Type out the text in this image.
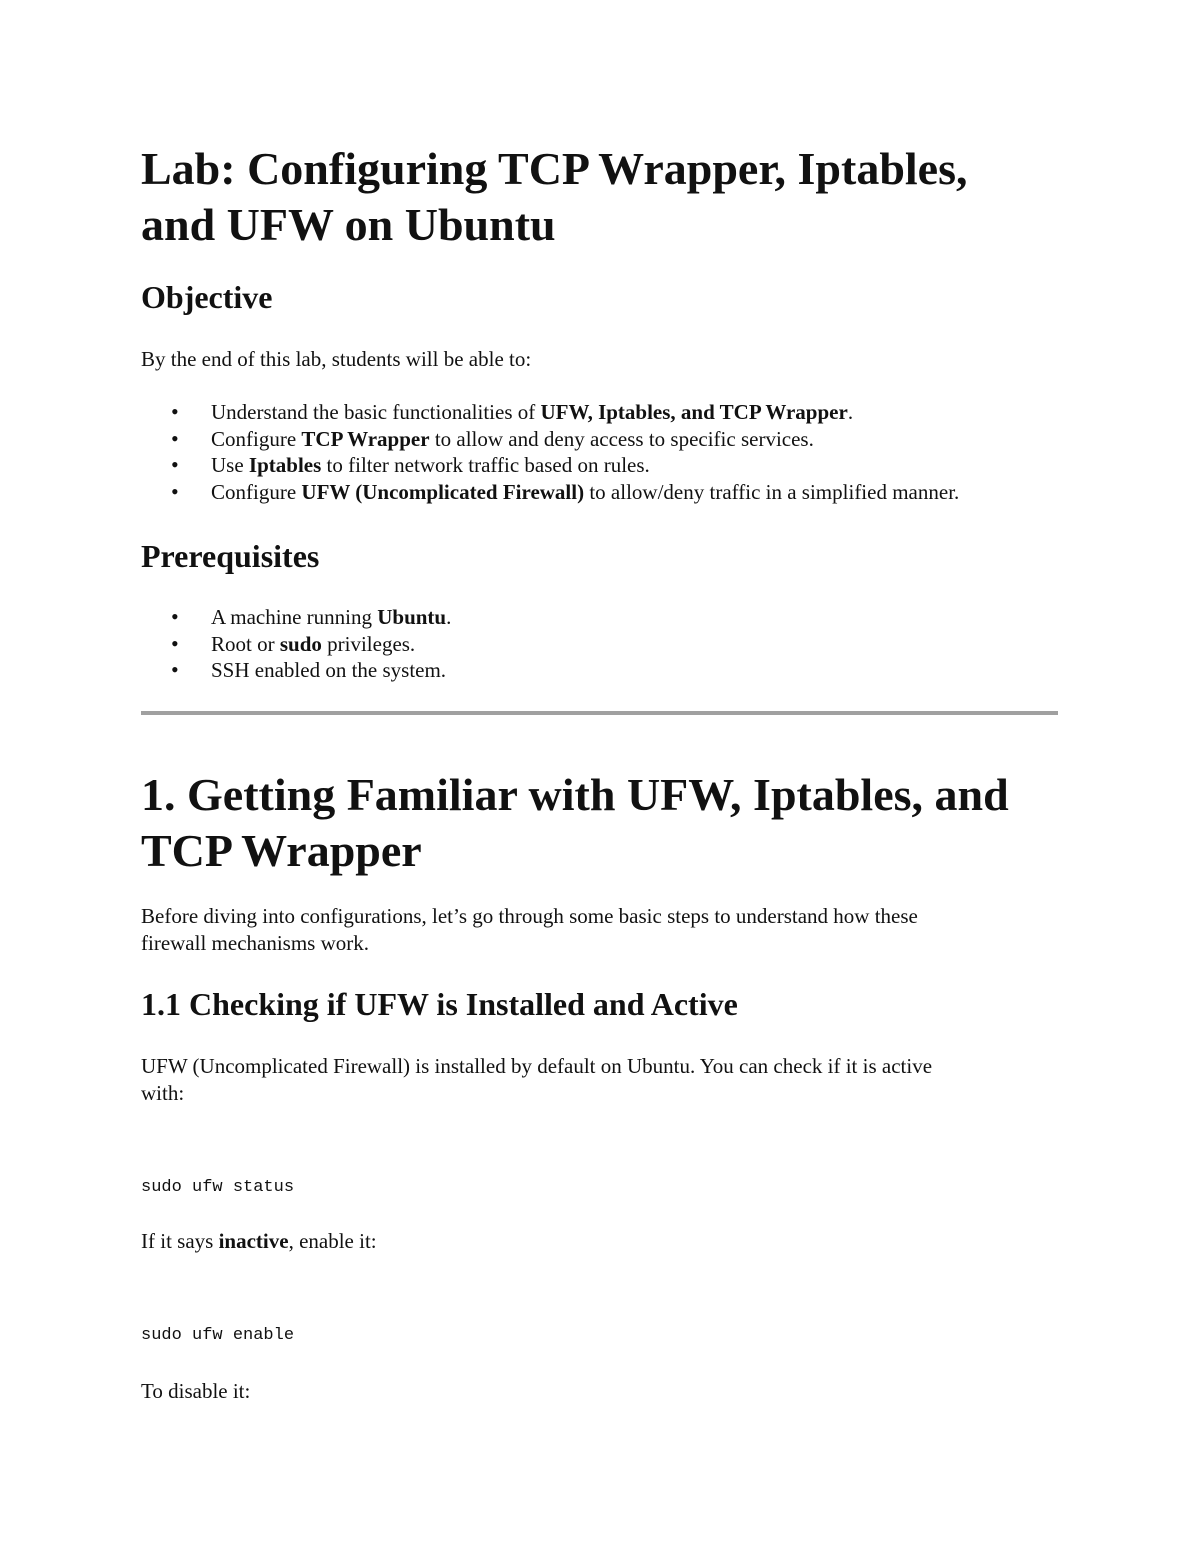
Lab: Configuring TCP Wrapper, Iptables,
and UFW on Ubuntu
Objective

By the end of this lab, students will be able to:

• Understand the basic functionalities of UFW, Iptables, and TCP Wrapper.
• Configure TCP Wrapper to allow and deny access to specific services.
• Use Iptables to filter network traffic based on rules.
• Configure UFW (Uncomplicated Firewall) to allow/deny traffic in a simplified manner.
Prerequisites
• A machine running Ubuntu.
• Root or sudo privileges.
• SSH enabled on the system.
1. Getting Familiar with UFW, Iptables, and
TCP Wrapper

Before diving into configurations, let’s go through some basic steps to understand how these
firewall mechanisms work.

1.1 Checking if UFW is Installed and Active

UFW (Uncomplicated Firewall) is installed by default on Ubuntu. You can check if it is active
with:

sudo ufw status

If it says inactive, enable it:

sudo ufw enable

To disable it:
